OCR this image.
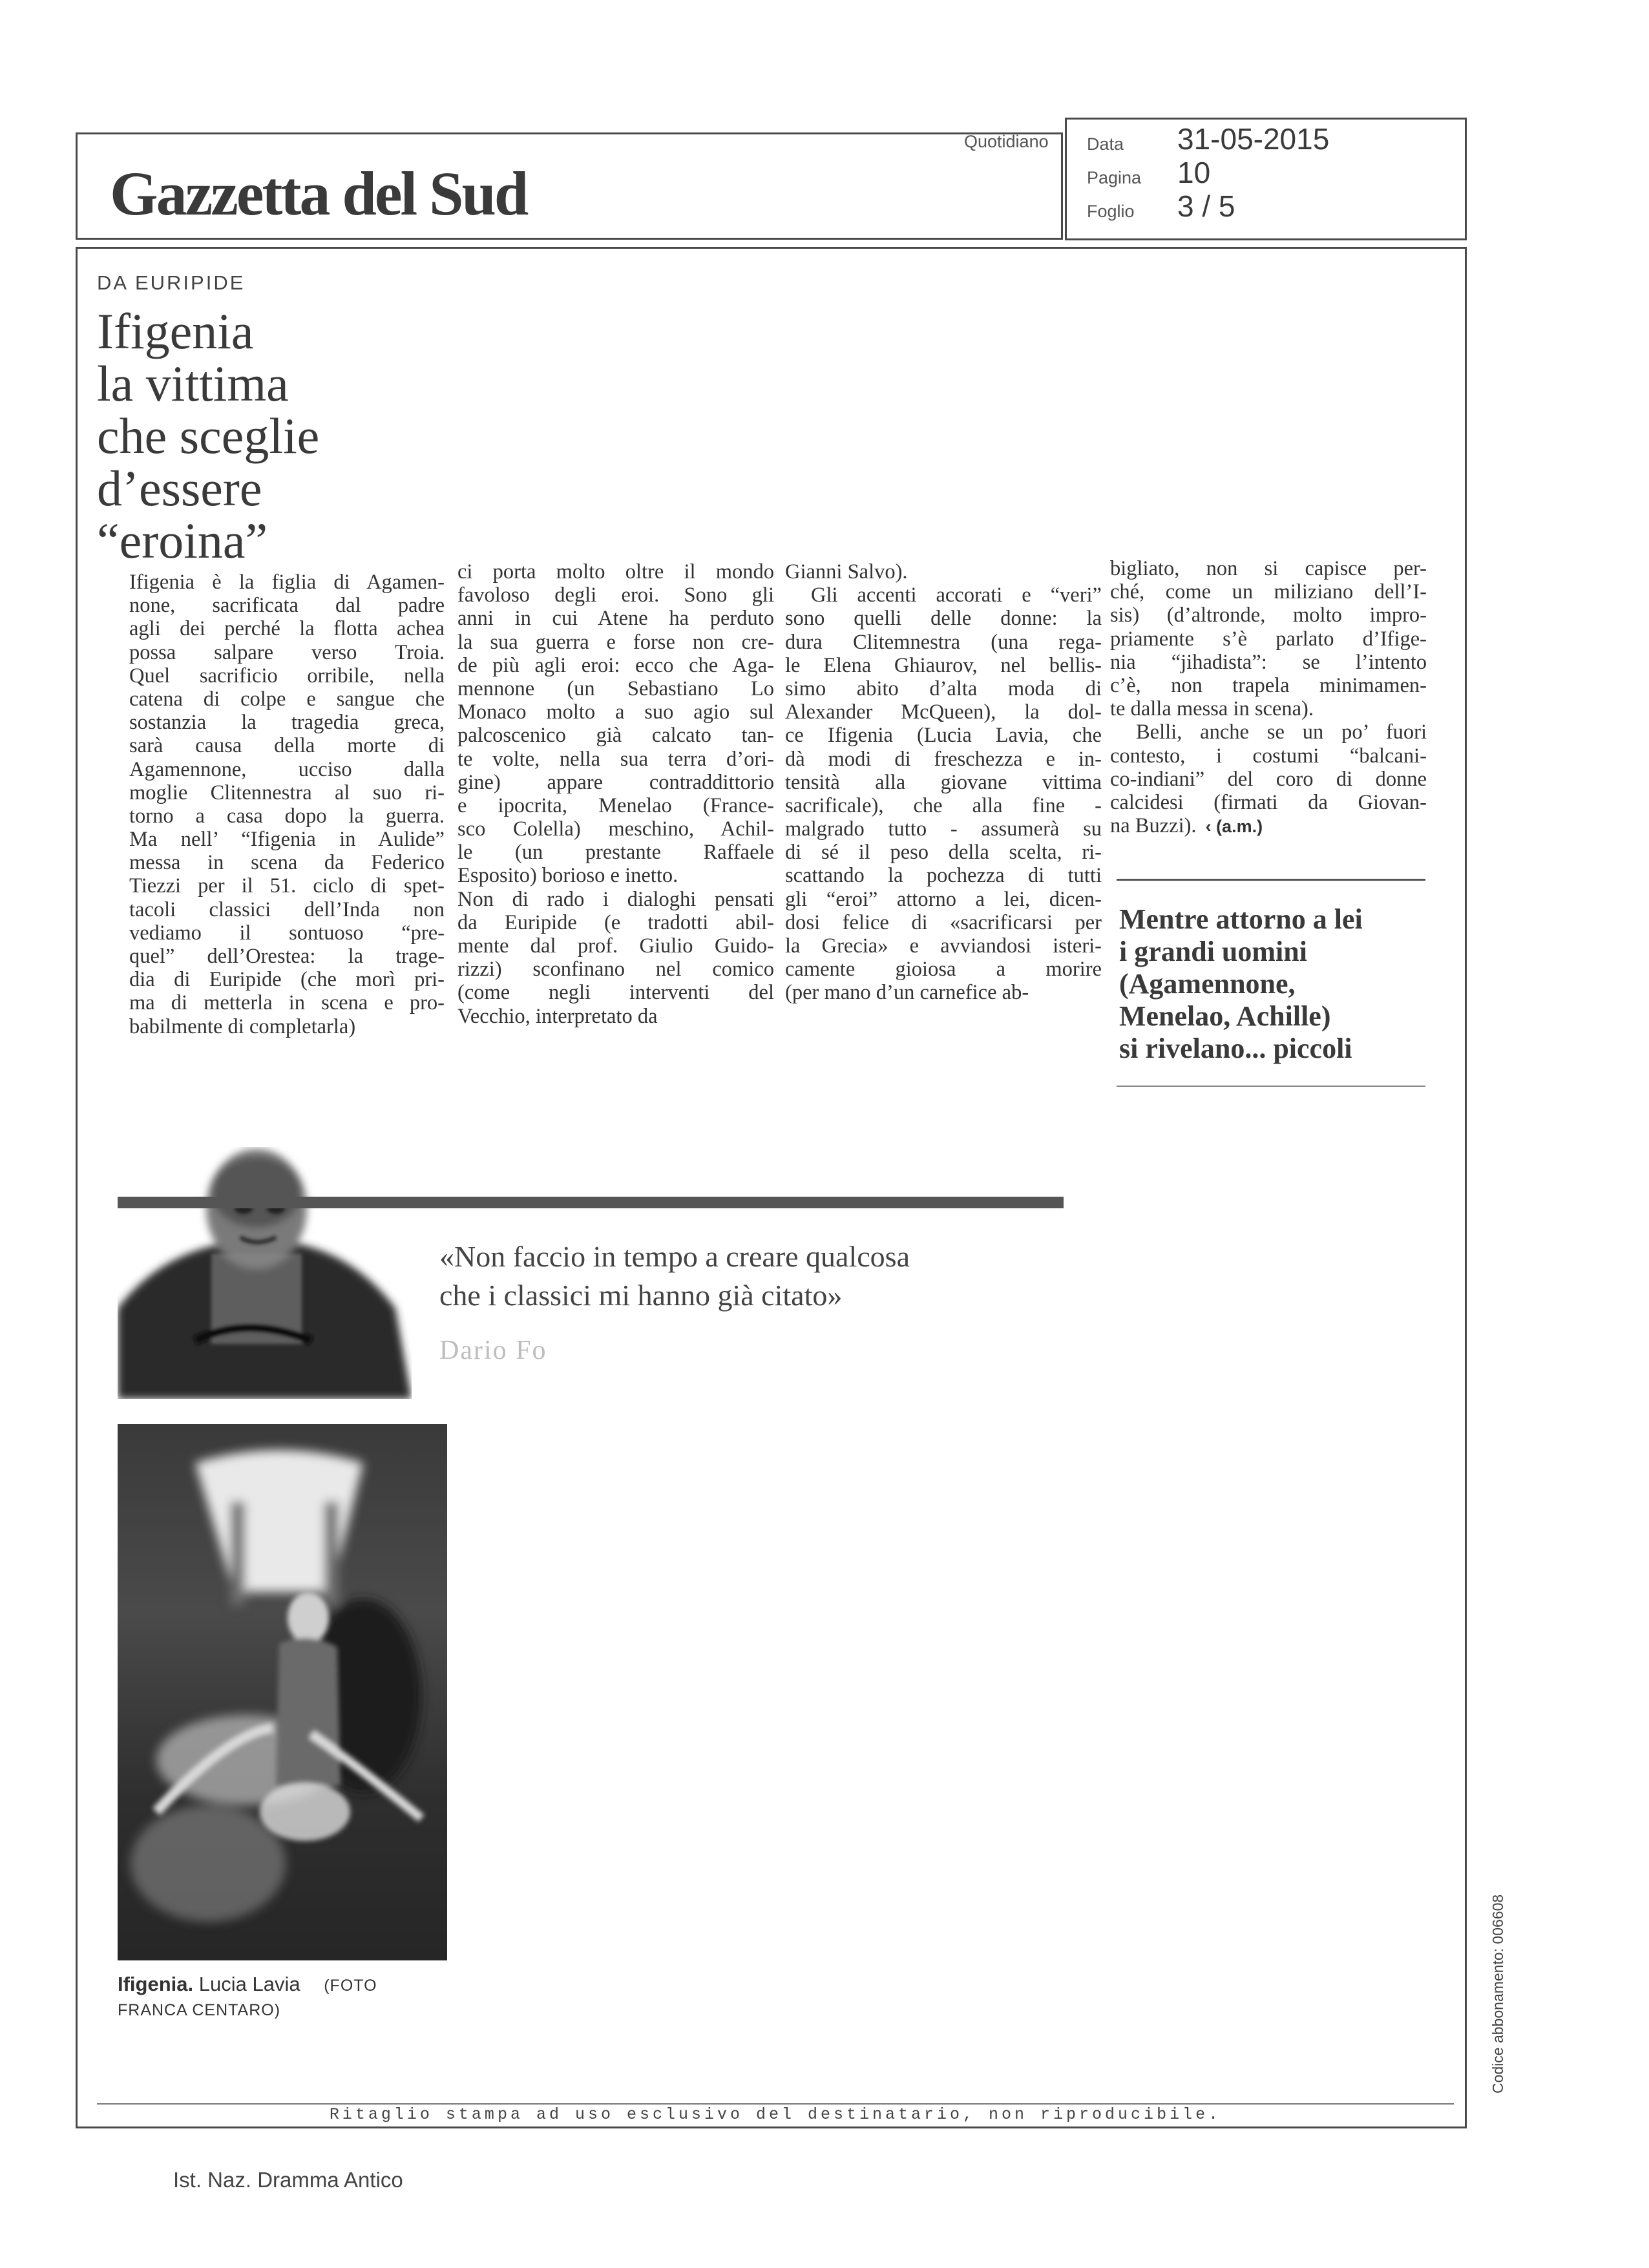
Gazzetta del Sud
Quotidiano Data 31-05-2015
Pagina 10
Foglio 3 / 5
DA EURIPIDE
Ifigenia
la vittima
che sceglie
d’essere
“eroina”
Ifigenia è la figlia di Agamen-
none, sacrificata dal padre
agli dei perché la flotta achea
possa salpare verso Troia.
Quel sacrificio orribile, nella
catena di colpe e sangue che
sostanzia la tragedia greca,
sarà causa della morte di
Agamennone, ucciso dalla
moglie Clitennestra al suo ri-
torno a casa dopo la guerra.
Ma nell’ “Ifigenia in Aulide”
messa in scena da Federico
Tiezzi per il 51. ciclo di spet-
tacoli classici dell’Inda non
vediamo il sontuoso “pre-
quel” dell’Orestea: la trage-
dia di Euripide (che morì pri-
ma di metterla in scena e pro-
babilmente di completarla)
ci porta molto oltre il mondo
favoloso degli eroi. Sono gli
anni in cui Atene ha perduto
la sua guerra e forse non cre-
de più agli eroi: ecco che Aga-
mennone (un Sebastiano Lo
Monaco molto a suo agio sul
palcoscenico già calcato tan-
te volte, nella sua terra d’ori-
gine) appare contraddittorio
e ipocrita, Menelao (France-
sco Colella) meschino, Achil-
le (un prestante Raffaele
Esposito) borioso e inetto.
Non di rado i dialoghi pensati
da Euripide (e tradotti abil-
mente dal prof. Giulio Guido-
rizzi) sconfinano nel comico
(come negli interventi del
Vecchio, interpretato da
Gianni Salvo).
Gli accenti accorati e “veri”
sono quelli delle donne: la
dura Clitemnestra (una rega-
le Elena Ghiaurov, nel bellis-
simo abito d’alta moda di
Alexander McQueen), la dol-
ce Ifigenia (Lucia Lavia, che
dà modi di freschezza e in-
tensità alla giovane vittima
sacrificale), che alla fine -
malgrado tutto - assumerà su
di sé il peso della scelta, ri-
scattando la pochezza di tutti
gli “eroi” attorno a lei, dicen-
dosi felice di «sacrificarsi per
la Grecia» e avviandosi isteri-
camente gioiosa a morire
(per mano d’un carnefice ab-
bigliato, non si capisce per-
ché, come un miliziano dell’I-
sis) (d’altronde, molto impro-
priamente s’è parlato d’Ifige-
nia “jihadista”: se l’intento
c’è, non trapela minimamen-
te dalla messa in scena).
Belli, anche se un po’ fuori
contesto, i costumi “balcani-
co-indiani” del coro di donne
calcidesi (firmati da Giovan-
na Buzzi). ‹ (a.m.)
Mentre attorno a lei
i grandi uomini
(Agamennone,
Menelao, Achille)
si rivelano... piccoli
«Non faccio in tempo a creare qualcosa
che i classici mi hanno già citato»
Dario Fo
Ifigenia. Lucia Lavia (FOTO
FRANCA CENTARO)	Codice abbonamento: 006608
Ritaglio stampa ad uso esclusivo del destinatario, non riproducibile.
Ist. Naz. Dramma Antico
